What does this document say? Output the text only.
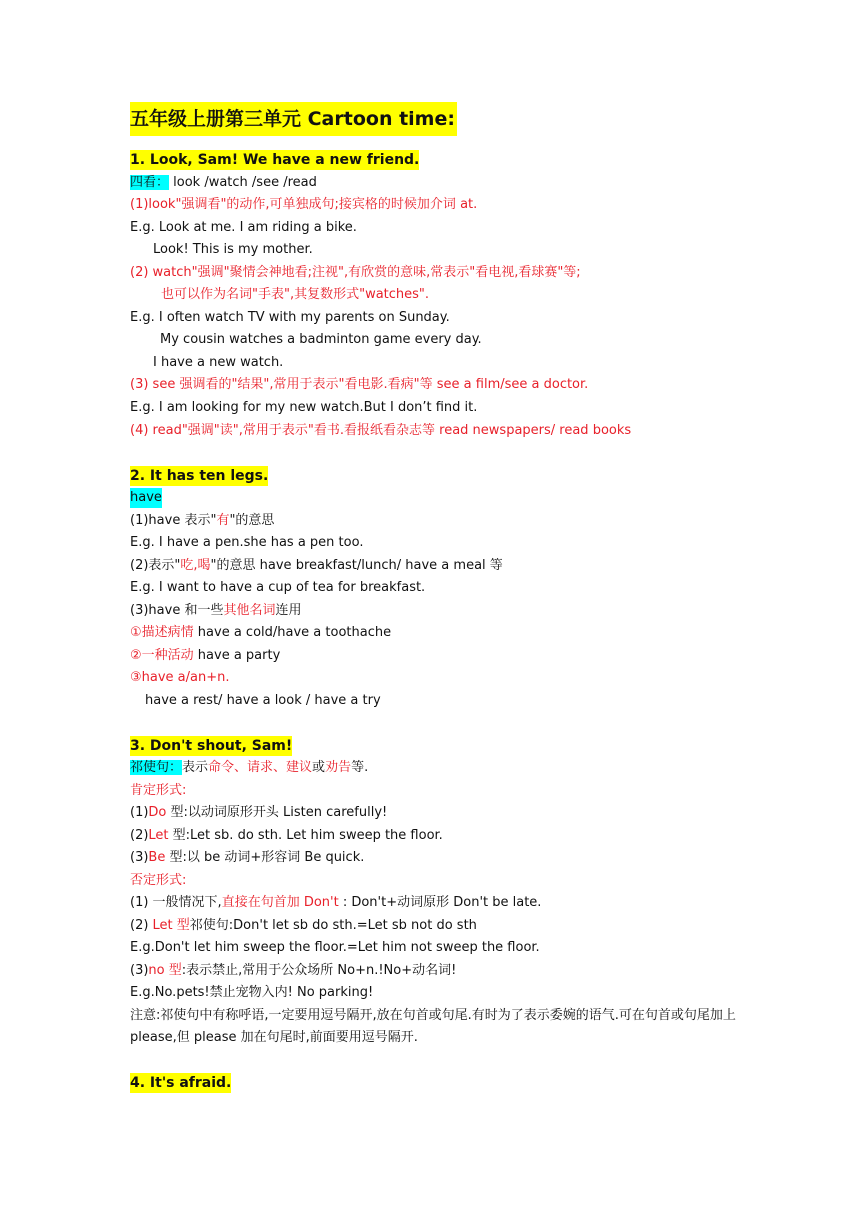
五年级上册第三单元 Cartoon time:
1. Look, Sam! We have a new friend.
四看： look /watch /see /read
(1)look"强调看"的动作,可单独成句;接宾格的时候加介词 at.
E.g. Look at me. I am riding a bike.
Look! This is my mother.
(2) watch"强调"聚情会神地看;注视",有欣赏的意味,常表示"看电视,看球赛"等;
也可以作为名词"手表",其复数形式"watches".
E.g. I often watch TV with my parents on Sunday.
My cousin watches a badminton game every day.
I have a new watch.
(3) see 强调看的"结果",常用于表示"看电影.看病"等 see a film/see a doctor.
E.g. I am looking for my new watch.But I don’t find it.
(4) read"强调"读",常用于表示"看书.看报纸看杂志等 read newspapers/ read books
2. It has ten legs.
have
(1)have 表示"有"的意思
E.g. I have a pen.she has a pen too.
(2)表示"吃,喝"的意思 have breakfast/lunch/ have a meal 等
E.g. I want to have a cup of tea for breakfast.
(3)have 和一些其他名词连用
①描述病情 have a cold/have a toothache
②一种活动 have a party
③have a/an+n.
have a rest/ have a look / have a try
3. Don't shout, Sam!
祁使句：表示命令、请求、建议或劝告等.
肯定形式:
(1)Do 型:以动词原形开头 Listen carefully!
(2)Let 型:Let sb. do sth. Let him sweep the floor.
(3)Be 型:以 be 动词+形容词 Be quick.
否定形式:
(1) 一般情况下,直接在句首加 Don't : Don't+动词原形 Don't be late.
(2) Let 型祁使句:Don't let sb do sth.=Let sb not do sth
E.g.Don't let him sweep the floor.=Let him not sweep the floor.
(3)no 型:表示禁止,常用于公众场所 No+n.!No+动名词!
E.g.No.pets!禁止宠物入内! No parking!
注意:祁使句中有称呼语,一定要用逗号隔开,放在句首或句尾.有时为了表示委婉的语气.可在句首或句尾加上 please,但 please 加在句尾时,前面要用逗号隔开.
4. It's afraid.
